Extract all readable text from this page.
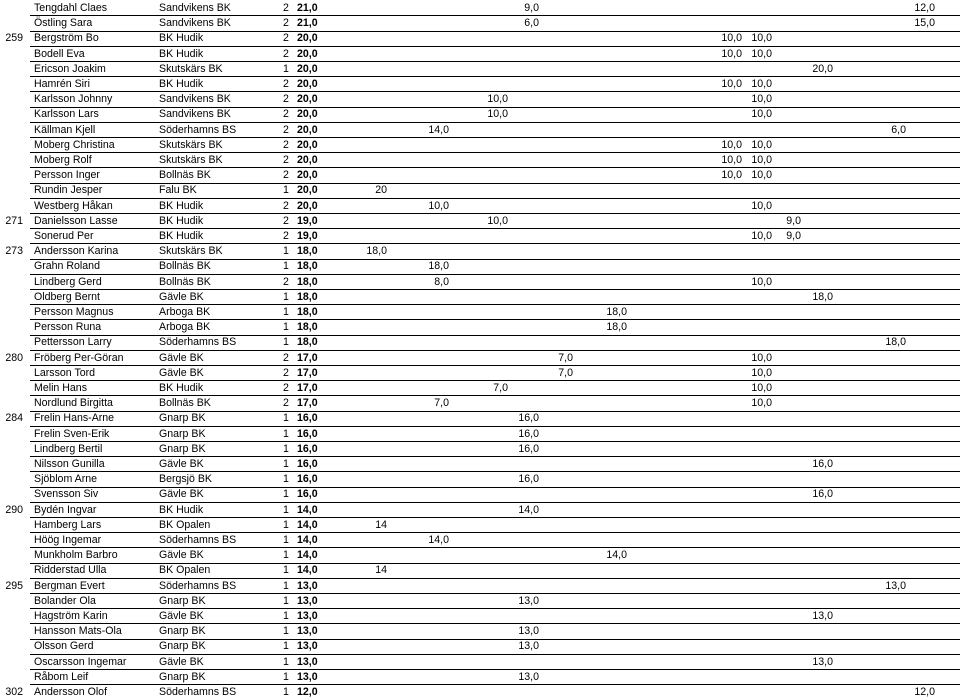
Tengdahl Claes	Sandvikens BK	2 21,0	9,0	12,0
Östling Sara	Sandvikens BK	2 21,0	6,0	15,0
259 Bergström Bo	BK Hudik	2 20,0	10,0 10,0
Bodell Eva	BK Hudik	2 20,0	10,0 10,0
Ericson Joakim	Skutskärs BK	1 20,0	20,0
Hamrén Siri	BK Hudik	2 20,0	10,0 10,0
Karlsson Johnny	Sandvikens BK	2 20,0	10,0	10,0
Karlsson Lars	Sandvikens BK	2 20,0	10,0	10,0
Källman Kjell	Söderhamns BS	2 20,0	14,0	6,0
Moberg Christina	Skutskärs BK	2 20,0	10,0 10,0
Moberg Rolf	Skutskärs BK	2 20,0	10,0 10,0
Persson Inger	Bollnäs BK	2 20,0	10,0 10,0
Rundin Jesper	Falu BK	1 20,0	20
Westberg Håkan	BK Hudik	2 20,0	10,0	10,0
271 Danielsson Lasse	BK Hudik	2 19,0	10,0	9,0
Sonerud Per	BK Hudik	2 19,0	10,0	9,0
273 Andersson Karina	Skutskärs BK	1 18,0	18,0
Grahn Roland	Bollnäs BK	1 18,0	18,0
Lindberg Gerd	Bollnäs BK	2 18,0	8,0	10,0
Oldberg Bernt	Gävle BK	1 18,0	18,0
Persson Magnus	Arboga BK	1 18,0	18,0
Persson Runa	Arboga BK	1 18,0	18,0
Pettersson Larry	Söderhamns BS	1 18,0	18,0
280 Fröberg Per-Göran	Gävle BK	2 17,0	7,0	10,0
Larsson Tord	Gävle BK	2 17,0	7,0	10,0
Melin Hans	BK Hudik	2 17,0	7,0	10,0
Nordlund Birgitta	Bollnäs BK	2 17,0	7,0	10,0
284 Frelin Hans-Arne	Gnarp BK	1 16,0	16,0
Frelin Sven-Erik	Gnarp BK	1 16,0	16,0
Lindberg Bertil	Gnarp BK	1 16,0	16,0
Nilsson Gunilla	Gävle BK	1 16,0	16,0
Sjöblom Arne	Bergsjö BK	1 16,0	16,0
Svensson Siv	Gävle BK	1 16,0	16,0
290 Bydén Ingvar	BK Hudik	1 14,0	14,0
Hamberg Lars	BK Opalen	1 14,0	14
Höög Ingemar	Söderhamns BS	1 14,0	14,0
Munkholm Barbro	Gävle BK	1 14,0	14,0
Ridderstad Ulla	BK Opalen	1 14,0	14
295 Bergman Evert	Söderhamns BS	1 13,0	13,0
Bolander Ola	Gnarp BK	1 13,0	13,0
Hagström Karin	Gävle BK	1 13,0	13,0
Hansson Mats-Ola	Gnarp BK	1 13,0	13,0
Olsson Gerd	Gnarp BK	1 13,0	13,0
Oscarsson Ingemar	Gävle BK	1 13,0	13,0
Råbom Leif	Gnarp BK	1 13,0	13,0
302 Andersson Olof	Söderhamns BS	1 12,0	12,0
